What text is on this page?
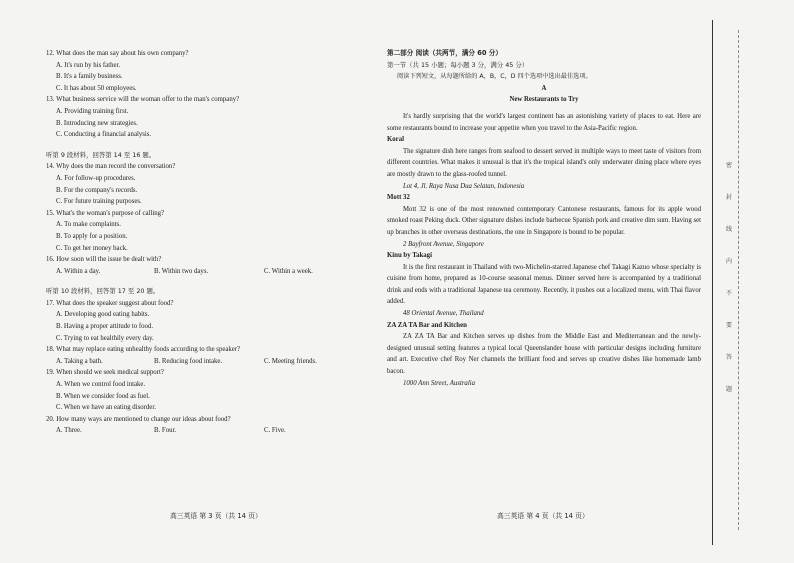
12. What does the man say about his own company?
A. It's run by his father.
B. It's a family business.
C. It has about 50 employees.
13. What business service will the woman offer to the man's company?
A. Providing training first.
B. Introducing new strategies.
C. Conducting a financial analysis.
听第 9 段材料，回答第 14 至 16 题。
14. Why does the man record the conversation?
A. For follow-up procedures.
B. For the company's records.
C. For future training purposes.
15. What's the woman's purpose of calling?
A. To make complaints.
B. To apply for a position.
C. To get her money back.
16. How soon will the issue be dealt with?
A. Within a day.	B. Within two days.	C. Within a week.
听第 10 段材料，回答第 17 至 20 题。
17. What does the speaker suggest about food?
A. Developing good eating habits.
B. Having a proper attitude to food.
C. Trying to eat healthily every day.
18. What may replace eating unhealthy foods according to the speaker?
A. Taking a bath.	B. Reducing food intake.	C. Meeting friends.
19. When should we seek medical support?
A. When we control food intake.
B. When we consider food as fuel.
C. When we have an eating disorder.
20. How many ways are mentioned to change our ideas about food?
A. Three.	B. Four.	C. Five.
第二部分 阅读（共两节，满分 60 分）
第一节（共 15 小题；每小题 3 分，满分 45 分）
阅读下列短文，从每题所给的 A，B，C，D 四个选项中选出最佳选项。
A
New Restaurants to Try
It's hardly surprising that the world's largest continent has an astonishing variety of places to eat. Here are some restaurants bound to increase your appetite when you travel to the Asia-Pacific region.
Koral
The signature dish here ranges from seafood to dessert served in multiple ways to meet taste of visitors from different countries. What makes it unusual is that it's the tropical island's only underwater dining place where eyes are mostly drawn to the glass-roofed tunnel.
Lot 4, Jl. Raya Nusa Dua Selatan, Indonesia
Mott 32
Mott 32 is one of the most renowned contemporary Cantonese restaurants, famous for its apple wood smoked roast Peking duck. Other signature dishes include barbecue Spanish pork and creative dim sum. Having set up branches in other overseas destinations, the one in Singapore is bound to be popular.
2 Bayfront Avenue, Singapore
Kinu by Takagi
It is the first restaurant in Thailand with two-Michelin-starred Japanese chef Takagi Kazuo whose specialty is cuisine from home, prepared as 10-course seasonal menus. Dinner served here is accompanied by a traditional drink and ends with a traditional Japanese tea ceremony. Recently, it pushes out a localized menu, with Thai flavor added.
48 Oriental Avenue, Thailand
ZA ZA TA Bar and Kitchen
ZA ZA TA Bar and Kitchen serves up dishes from the Middle East and Mediterranean and the newly-designed unusual setting features a typical local Queenslander house with particular designs including furniture and art. Executive chef Roy Ner channels the brilliant food and serves up creative dishes like homemade lamb bacon.
1000 Ann Street, Australia
高三英语 第 3 页（共 14 页）	高三英语 第 4 页（共 14 页）
密
封
线
内
不
要
答
题
